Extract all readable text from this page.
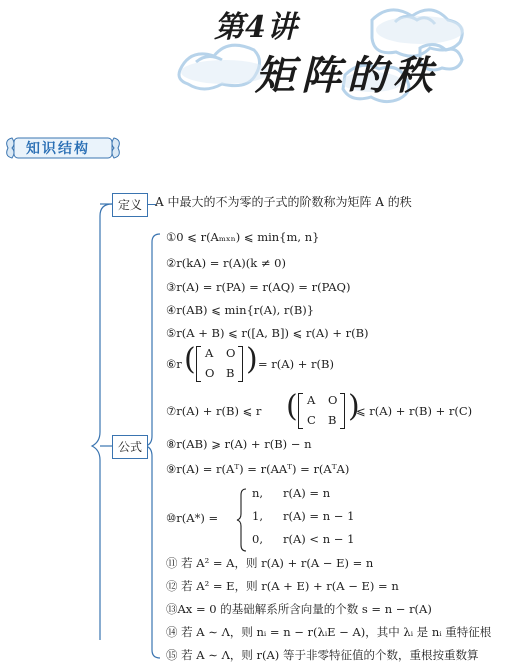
第4讲
矩阵的秩
知识结构
定义	A 中最大的不为零的子式的阶数称为矩阵 A 的秩
公式
①0 ⩽ r(Aₘₓₙ) ⩽ min{m, n}
②r(kA) = r(A)(k ≠ 0)
③r(A) = r(PA) = r(AQ) = r(PAQ)
④r(AB) ⩽ min{r(A), r(B)}
⑤r(A + B) ⩽ r([A, B]) ⩽ r(A) + r(B)
⑥r ( A O
O B ) = r(A) + r(B)
⑦r(A) + r(B) ⩽ r ( A O
C B )
⩽ r(A) + r(B) + r(C)
⑧r(AB) ⩾ r(A) + r(B) − n
⑨r(A) = r(Aᵀ) = r(AAᵀ) = r(AᵀA)
⑩r(A*) =
n, r(A) = n
1, r(A) = n − 1
0, r(A) < n − 1
⑪ 若 A² = A，则 r(A) + r(A − E) = n
⑫ 若 A² = E，则 r(A + E) + r(A − E) = n
⑬Ax = 0 的基础解系所含向量的个数 s = n − r(A)
⑭ 若 A ∼ Λ，则 nᵢ = n − r(λᵢE − A)，其中 λᵢ 是 nᵢ 重特征根
⑮ 若 A ∼ Λ，则 r(A) 等于非零特征值的个数，重根按重数算
